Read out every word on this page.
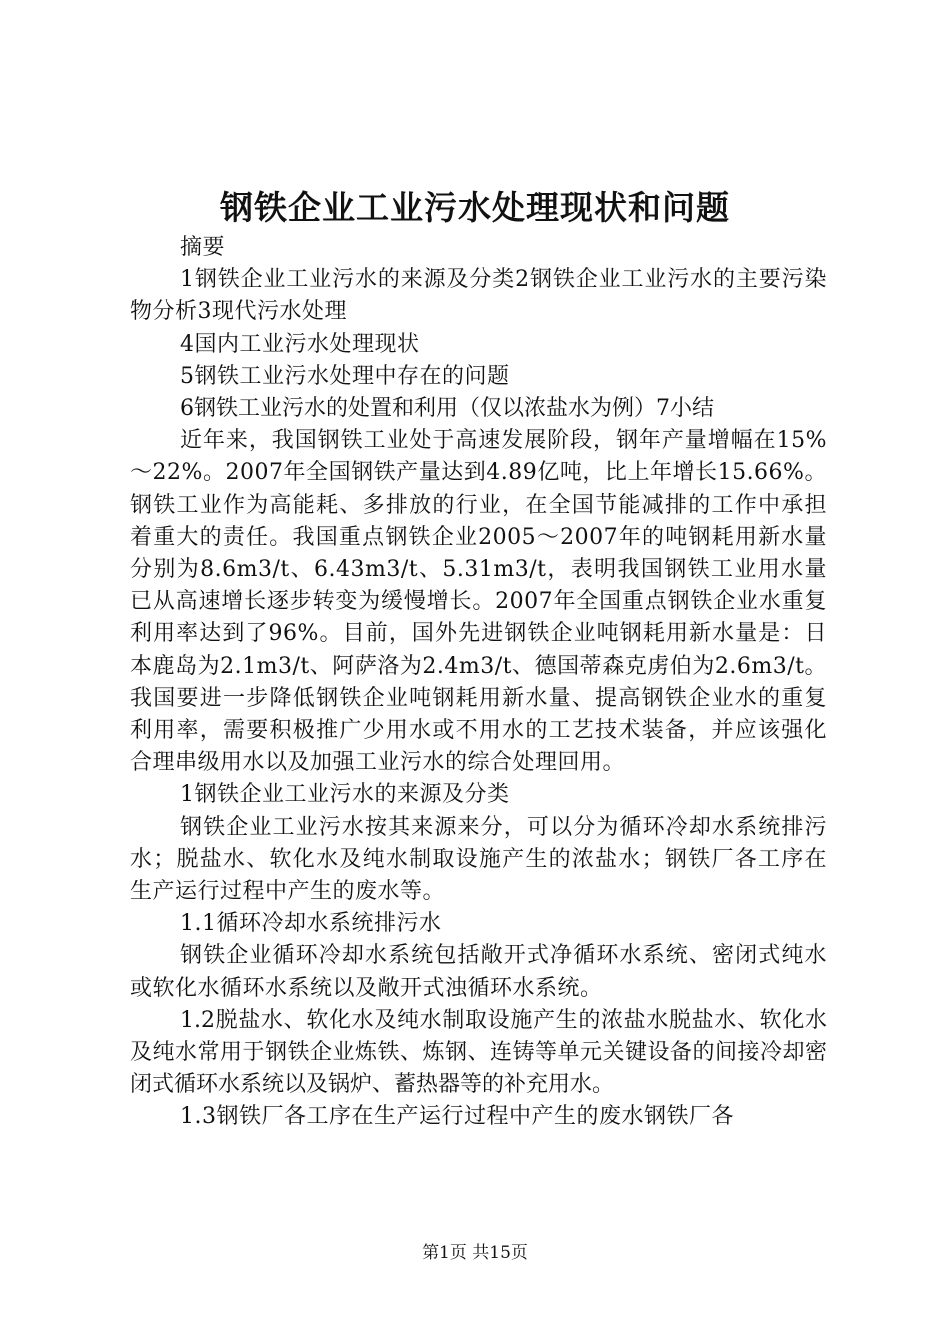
钢铁企业工业污水处理现状和问题

摘要

1钢铁企业工业污水的来源及分类2钢铁企业工业污水的主要污染物分析3现代污水处理

4国内工业污水处理现状

5钢铁工业污水处理中存在的问题

6钢铁工业污水的处置和利用（仅以浓盐水为例）7小结

近年来，我国钢铁工业处于高速发展阶段，钢年产量增幅在15%～22%。2007年全国钢铁产量达到4.89亿吨，比上年增长15.66%。钢铁工业作为高能耗、多排放的行业，在全国节能减排的工作中承担着重大的责任。我国重点钢铁企业2005～2007年的吨钢耗用新水量分别为8.6m3/t、6.43m3/t、5.31m3/t，表明我国钢铁工业用水量已从高速增长逐步转变为缓慢增长。2007年全国重点钢铁企业水重复利用率达到了96%。目前，国外先进钢铁企业吨钢耗用新水量是：日本鹿岛为2.1m3/t、阿萨洛为2.4m3/t、德国蒂森克虏伯为2.6m3/t。我国要进一步降低钢铁企业吨钢耗用新水量、提高钢铁企业水的重复利用率，需要积极推广少用水或不用水的工艺技术装备，并应该强化合理串级用水以及加强工业污水的综合处理回用。

1钢铁企业工业污水的来源及分类

钢铁企业工业污水按其来源来分，可以分为循环冷却水系统排污水；脱盐水、软化水及纯水制取设施产生的浓盐水；钢铁厂各工序在生产运行过程中产生的废水等。

1.1循环冷却水系统排污水

钢铁企业循环冷却水系统包括敞开式净循环水系统、密闭式纯水或软化水循环水系统以及敞开式浊循环水系统。

1.2脱盐水、软化水及纯水制取设施产生的浓盐水脱盐水、软化水及纯水常用于钢铁企业炼铁、炼钢、连铸等单元关键设备的间接冷却密闭式循环水系统以及锅炉、蓄热器等的补充用水。

1.3钢铁厂各工序在生产运行过程中产生的废水钢铁厂各

第1页 共15页
